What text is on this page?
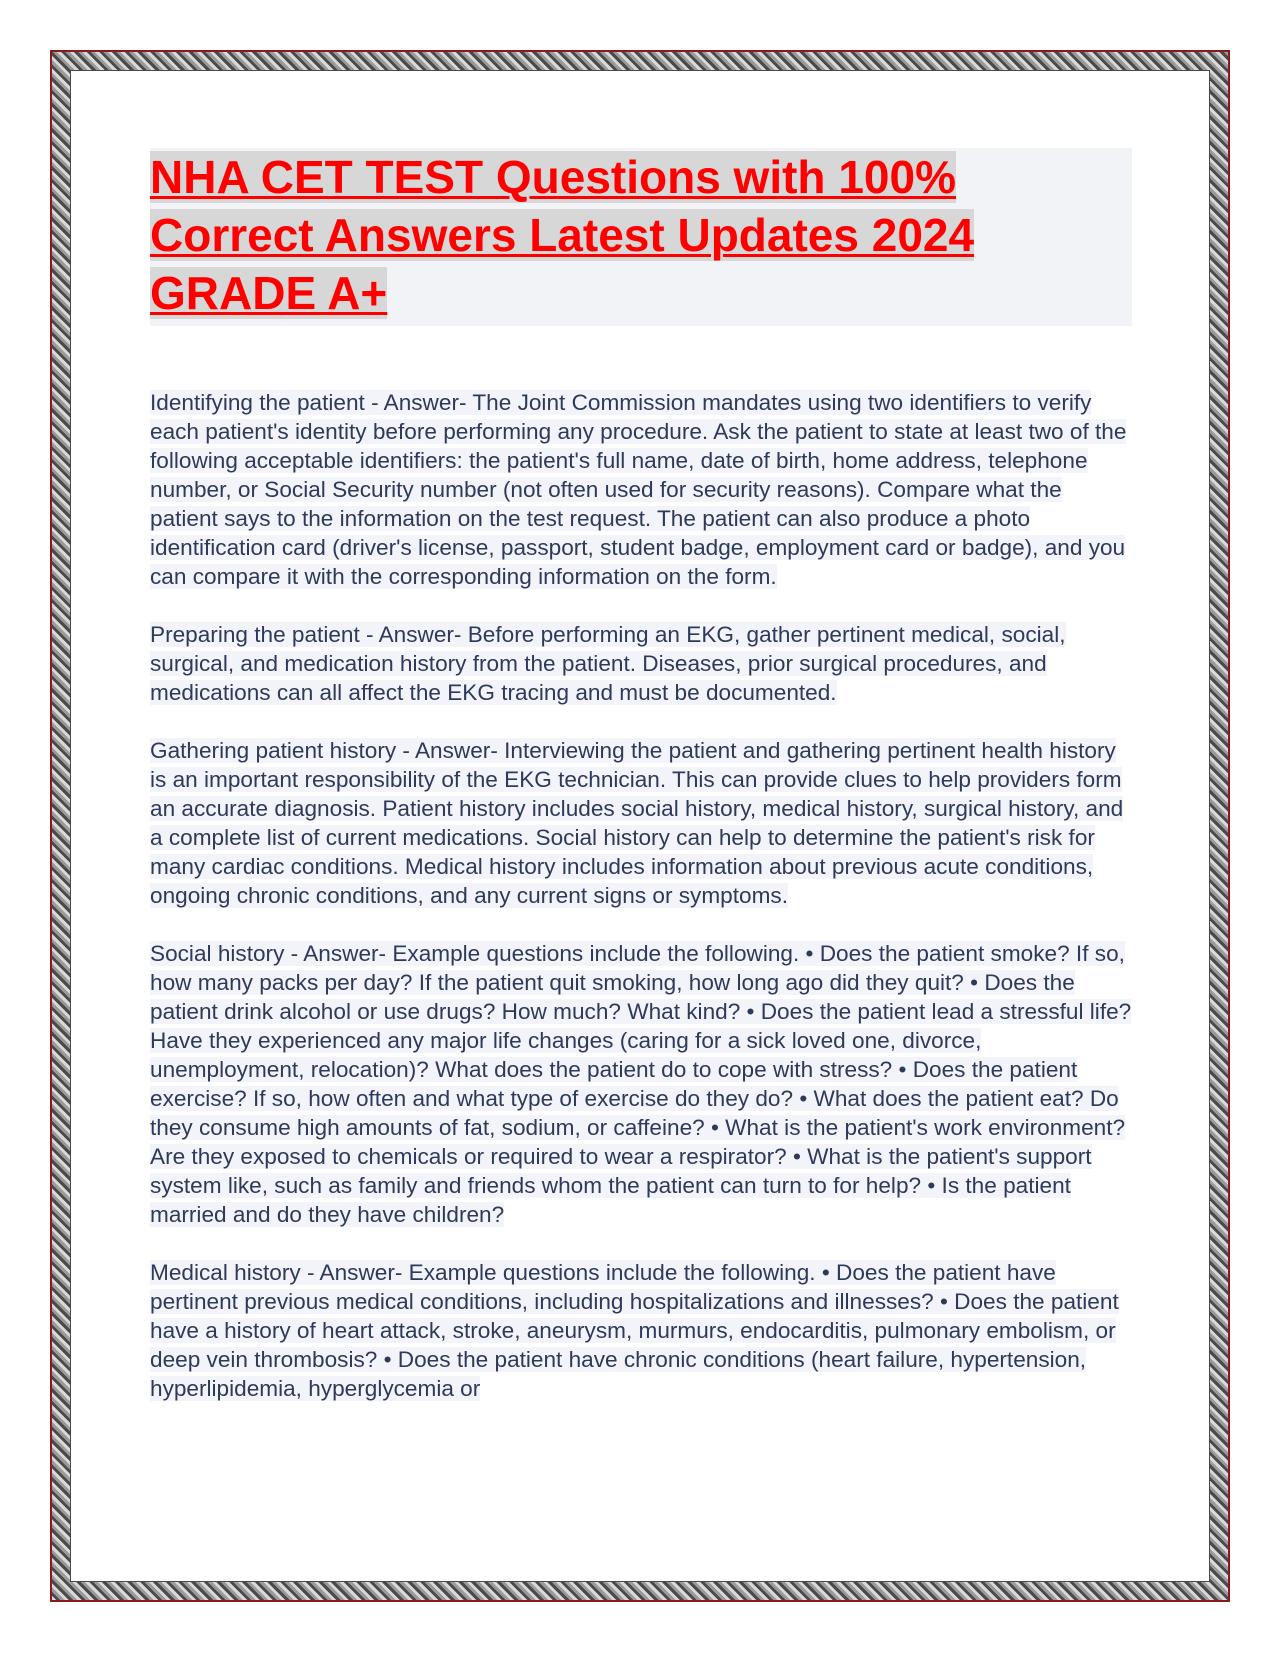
NHA CET TEST Questions with 100% Correct Answers Latest Updates 2024 GRADE A+

Identifying the patient - Answer- The Joint Commission mandates using two identifiers to verify each patient's identity before performing any procedure. Ask the patient to state at least two of the following acceptable identifiers: the patient's full name, date of birth, home address, telephone number, or Social Security number (not often used for security reasons). Compare what the patient says to the information on the test request. The patient can also produce a photo identification card (driver's license, passport, student badge, employment card or badge), and you can compare it with the corresponding information on the form.

Preparing the patient - Answer- Before performing an EKG, gather pertinent medical, social, surgical, and medication history from the patient. Diseases, prior surgical procedures, and medications can all affect the EKG tracing and must be documented.

Gathering patient history - Answer- Interviewing the patient and gathering pertinent health history is an important responsibility of the EKG technician. This can provide clues to help providers form an accurate diagnosis. Patient history includes social history, medical history, surgical history, and a complete list of current medications. Social history can help to determine the patient's risk for many cardiac conditions. Medical history includes information about previous acute conditions, ongoing chronic conditions, and any current signs or symptoms.

Social history - Answer- Example questions include the following. • Does the patient smoke? If so, how many packs per day? If the patient quit smoking, how long ago did they quit? • Does the patient drink alcohol or use drugs? How much? What kind? • Does the patient lead a stressful life? Have they experienced any major life changes (caring for a sick loved one, divorce, unemployment, relocation)? What does the patient do to cope with stress? • Does the patient exercise? If so, how often and what type of exercise do they do? • What does the patient eat? Do they consume high amounts of fat, sodium, or caffeine? • What is the patient's work environment? Are they exposed to chemicals or required to wear a respirator? • What is the patient's support system like, such as family and friends whom the patient can turn to for help? • Is the patient married and do they have children?

Medical history - Answer- Example questions include the following. • Does the patient have pertinent previous medical conditions, including hospitalizations and illnesses? • Does the patient have a history of heart attack, stroke, aneurysm, murmurs, endocarditis, pulmonary embolism, or deep vein thrombosis? • Does the patient have chronic conditions (heart failure, hypertension, hyperlipidemia, hyperglycemia or
